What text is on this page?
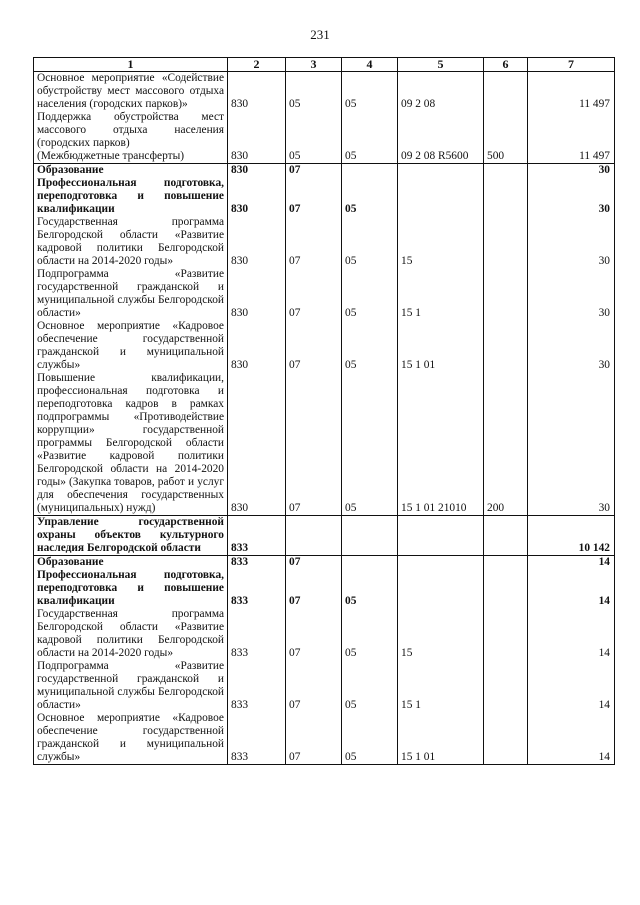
231
1	2	3	4	5	6	7

Основное мероприятие «Содействие обустройству мест массового отдыха населения (городских парков)»	830	05	05	09 2 08		11 497

Поддержка обустройства мест массового отдыха населения (городских парков)
(Межбюджетные трансферты)	830	05	05	09 2 08 R5600	500	11 497

Образование	830	07				30

Профессиональная подготовка, переподготовка и повышение квалификации	830	07	05			30

Государственная программа Белгородской области «Развитие кадровой политики Белгородской области на 2014-2020 годы»	830	07	05	15		30

Подпрограмма «Развитие государственной гражданской и муниципальной службы Белгородской области»	830	07	05	15 1		30

Основное мероприятие «Кадровое обеспечение государственной гражданской и муниципальной службы»	830	07	05	15 1 01		30

Повышение квалификации, профессиональная подготовка и переподготовка кадров в рамках подпрограммы «Противодействие коррупции» государственной программы Белгородской области «Развитие кадровой политики Белгородской области на 2014-2020 годы» (Закупка товаров, работ и услуг для обеспечения государственных (муниципальных) нужд)	830	07	05	15 1 01 21010	200	30

Управление государственной охраны объектов культурного наследия Белгородской области	833					10 142

Образование	833	07				14

Профессиональная подготовка, переподготовка и повышение квалификации	833	07	05			14

Государственная программа Белгородской области «Развитие кадровой политики Белгородской области на 2014-2020 годы»	833	07	05	15		14

Подпрограмма «Развитие государственной гражданской и муниципальной службы Белгородской области»	833	07	05	15 1		14

Основное мероприятие «Кадровое обеспечение государственной гражданской и муниципальной службы»	833	07	05	15 1 01		14
